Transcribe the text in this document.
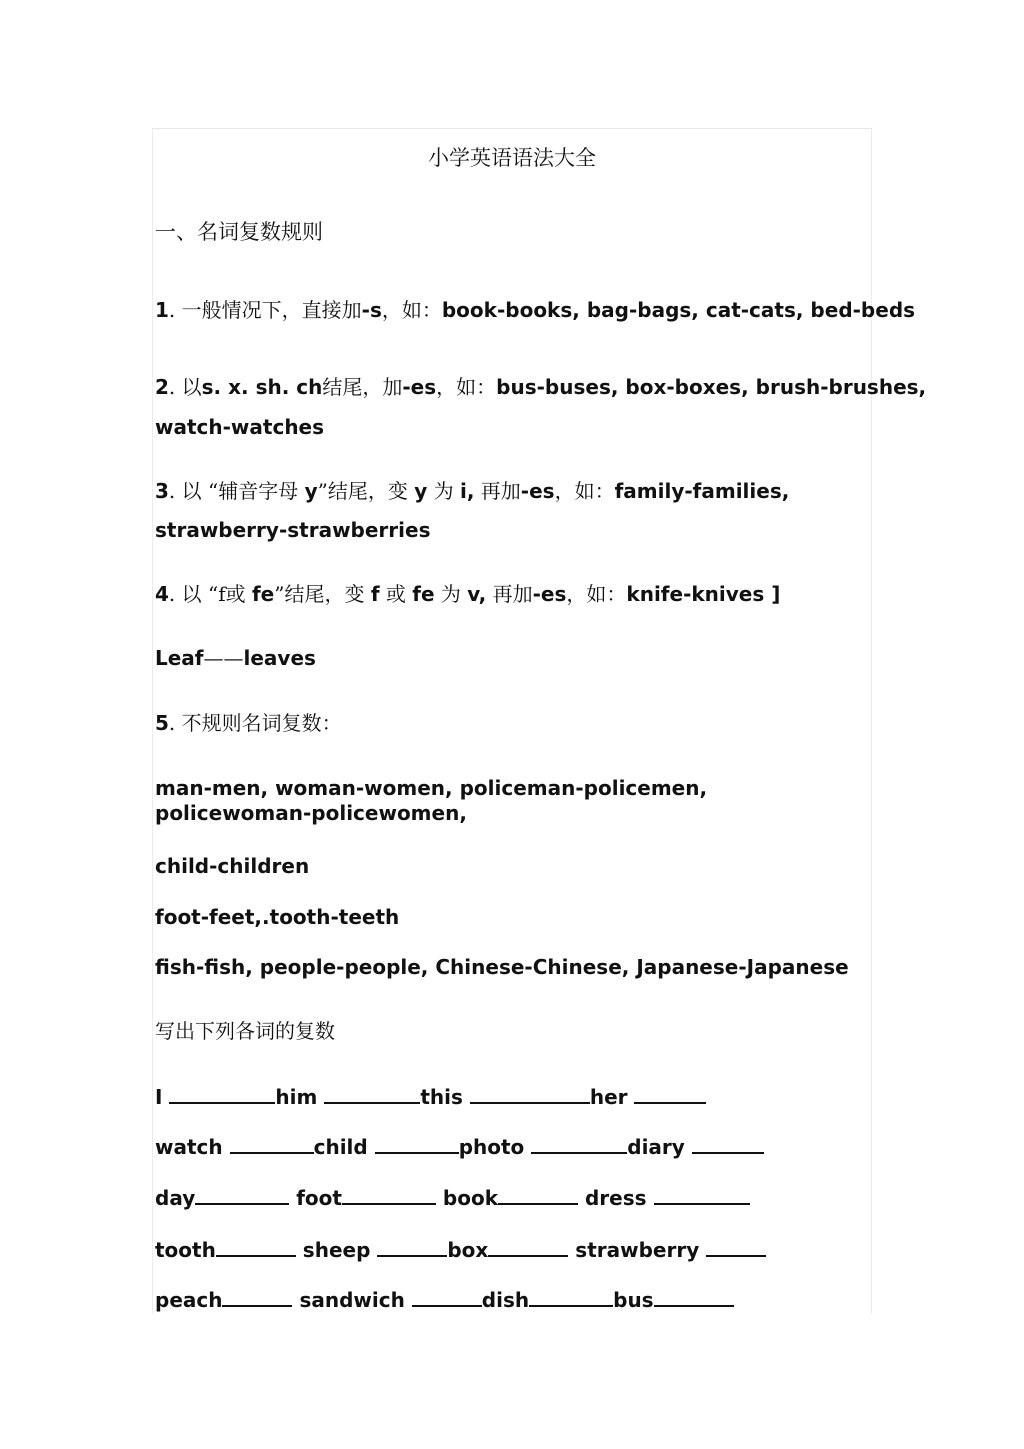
小学英语语法大全
一、名词复数规则
1. 一般情况下，直接加-s，如：book-books, bag-bags, cat-cats, bed-beds
2. 以s. x. sh. ch结尾，加-es，如：bus-buses, box-boxes, brush-brushes,
watch-watches
3. 以 “辅音字母 y”结尾，变 y 为 i, 再加-es，如：family-families,
strawberry-strawberries
4. 以 “f或 fe”结尾，变 f 或 fe 为 v, 再加-es，如：knife-knives ]
Leaf——leaves
5. 不规则名词复数：
man-men, woman-women, policeman-policemen,
policewoman-policewomen,
child-children
foot-feet,.tooth-teeth
fish-fish, people-people, Chinese-Chinese, Japanese-Japanese
写出下列各词的复数
I	him	this	her
watch	child	photo	diary
day	foot	book	dress
tooth	sheep	box	strawberry
peach	sandwich	dish	bus
